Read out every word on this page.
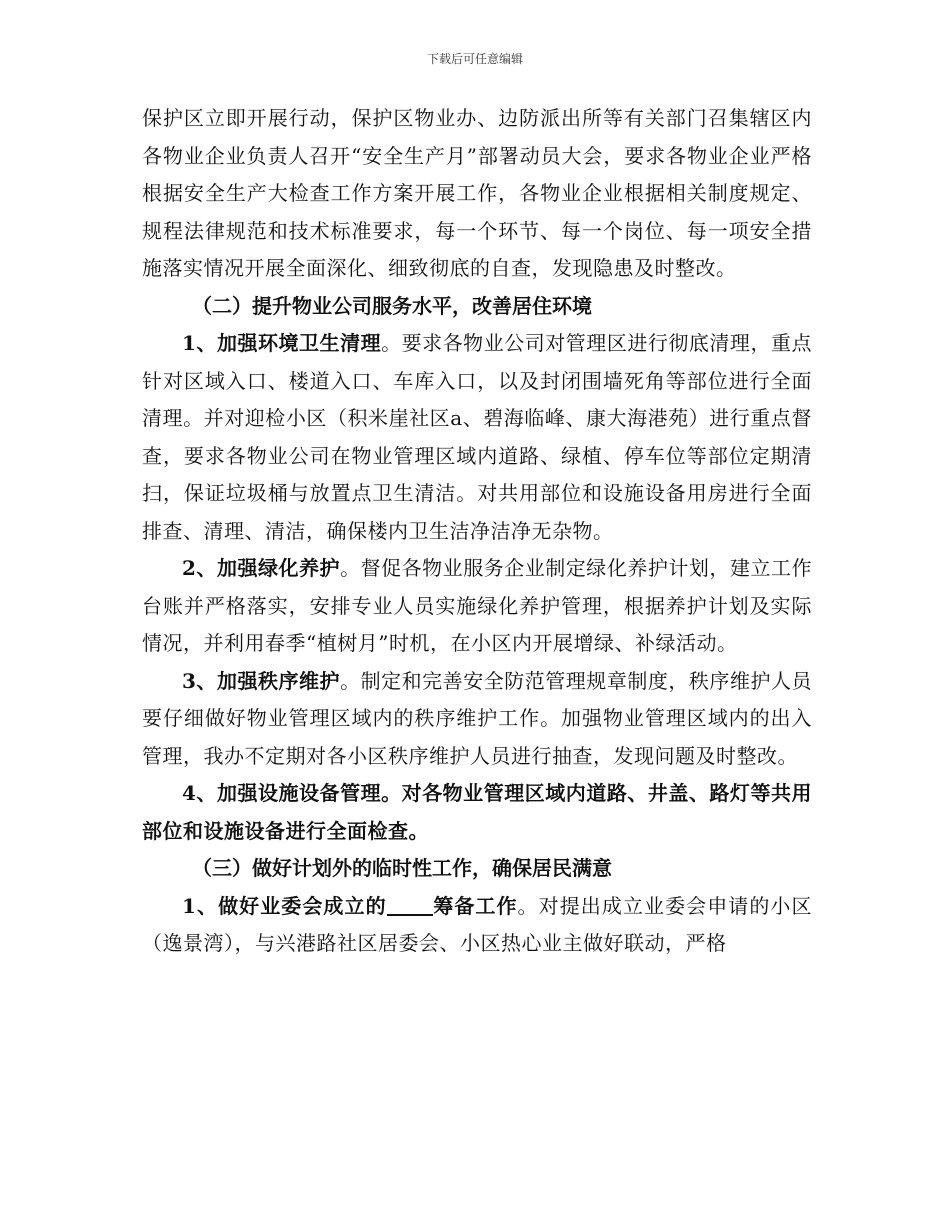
下载后可任意编辑

保护区立即开展行动，保护区物业办、边防派出所等有关部门召集辖区内各物业企业负责人召开“安全生产月”部署动员大会，要求各物业企业严格根据安全生产大检查工作方案开展工作，各物业企业根据相关制度规定、规程法律规范和技术标准要求，每一个环节、每一个岗位、每一项安全措施落实情况开展全面深化、细致彻底的自查，发现隐患及时整改。

（二）提升物业公司服务水平，改善居住环境

1、加强环境卫生清理。要求各物业公司对管理区进行彻底清理，重点针对区域入口、楼道入口、车库入口，以及封闭围墙死角等部位进行全面清理。并对迎检小区（积米崖社区a、碧海临峰、康大海港苑）进行重点督查，要求各物业公司在物业管理区域内道路、绿植、停车位等部位定期清扫，保证垃圾桶与放置点卫生清洁。对共用部位和设施设备用房进行全面排查、清理、清洁，确保楼内卫生洁净洁净无杂物。

2、加强绿化养护。督促各物业服务企业制定绿化养护计划，建立工作台账并严格落实，安排专业人员实施绿化养护管理，根据养护计划及实际情况，并利用春季“植树月”时机，在小区内开展增绿、补绿活动。

3、加强秩序维护。制定和完善安全防范管理规章制度，秩序维护人员要仔细做好物业管理区域内的秩序维护工作。加强物业管理区域内的出入管理，我办不定期对各小区秩序维护人员进行抽查，发现问题及时整改。

4、加强设施设备管理。对各物业管理区域内道路、井盖、路灯等共用部位和设施设备进行全面检查。

（三）做好计划外的临时性工作，确保居民满意

1、做好业委会成立的 筹备工作。对提出成立业委会申请的小区（逸景湾），与兴港路社区居委会、小区热心业主做好联动，严格
